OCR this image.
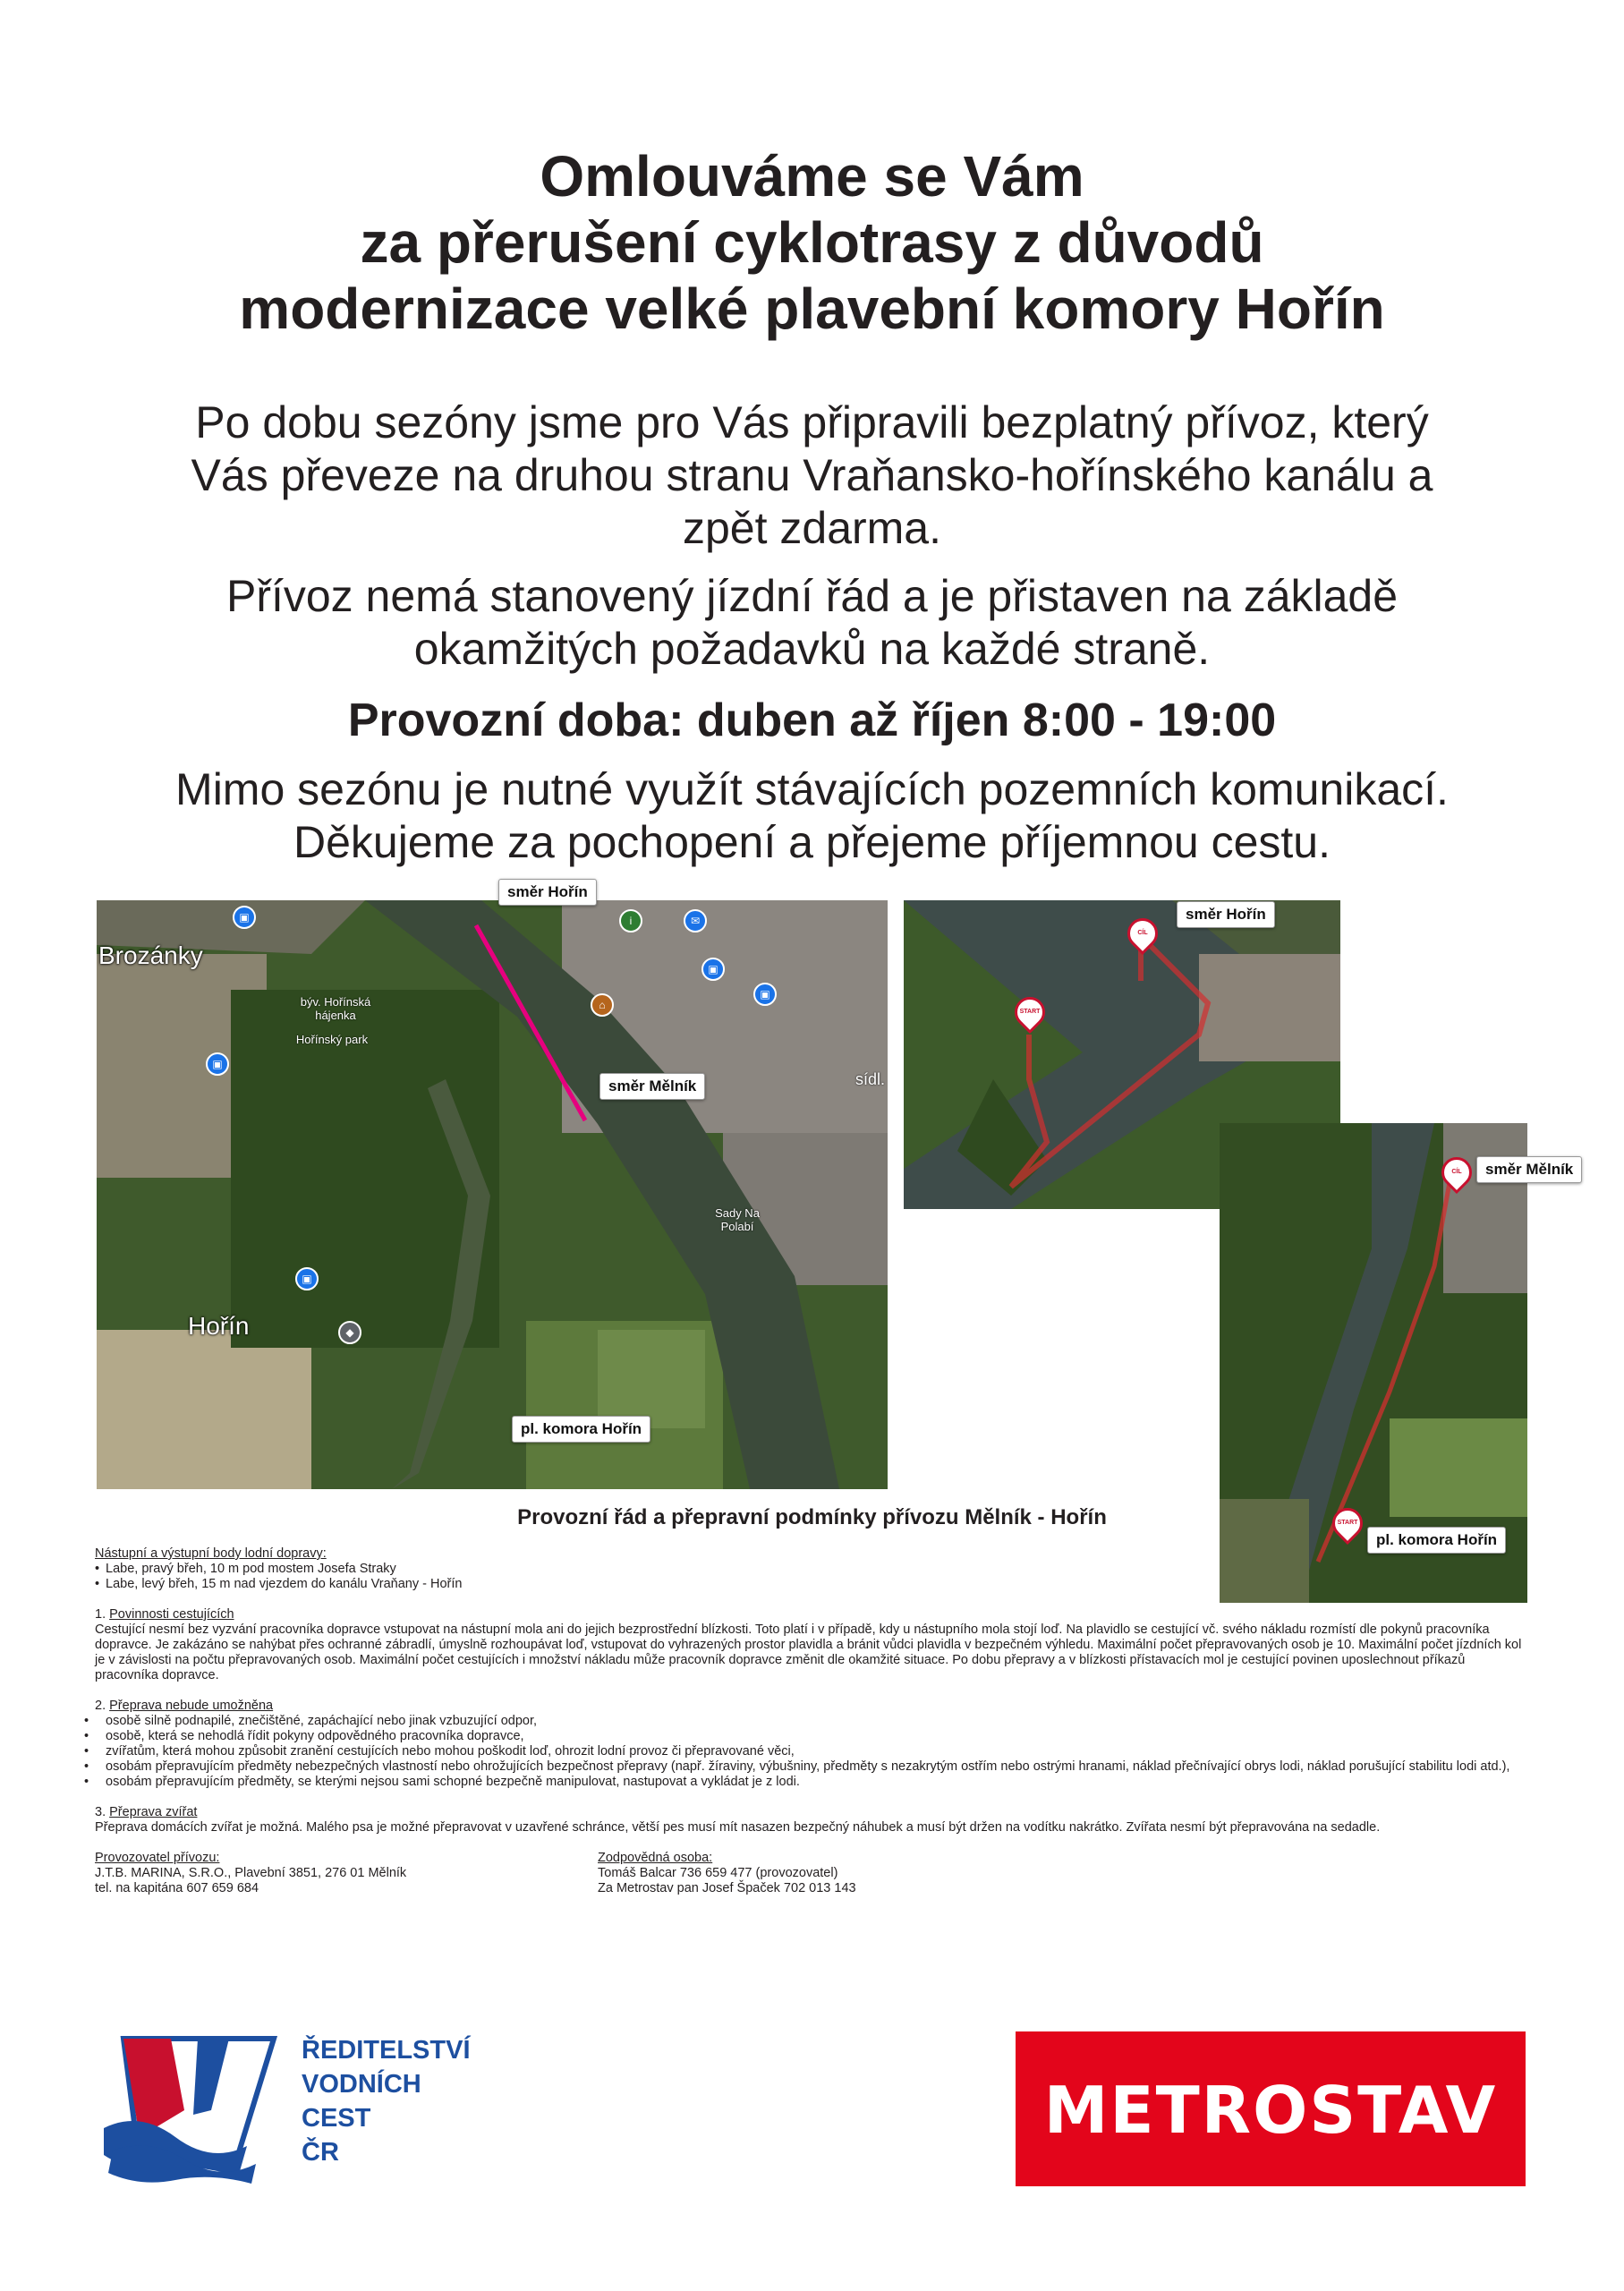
Omlouváme se Vám
za přerušení cyklotrasy z důvodů
modernizace velké plavební komory Hořín
Po dobu sezóny jsme pro Vás připravili bezplatný přívoz, který
Vás převeze na druhou stranu Vraňansko-hořínského kanálu a
zpět zdarma.
Přívoz nemá stanovený jízdní řád a je přistaven na základě
okamžitých požadavků na každé straně.
Provozní doba: duben až říjen 8:00 - 19:00
Mimo sezónu je nutné využít stávajících pozemních komunikací.
Děkujeme za pochopení a přejeme příjemnou cestu.
Brozánky
Hořín
Hořínský park
býv. Hořínská hájenka
Sady Na Polabí
sídl.
▣
▣
▣
▣
▣
◆
i	✉
⌂
směr Hořín
směr Mělník
pl. komora Hořín
START
CÍL
směr Hořín
CÍL
START
směr Mělník
pl. komora Hořín
Provozní řád a přepravní podmínky přívozu Mělník - Hořín
Nástupní a výstupní body lodní dopravy:
• Labe, pravý břeh, 10 m pod mostem Josefa Straky
• Labe, levý břeh, 15 m nad vjezdem do kanálu Vraňany - Hořín
1. Povinnosti cestujících
Cestující nesmí bez vyzvání pracovníka dopravce vstupovat na nástupní mola ani do jejich bezprostřední blízkosti. Toto platí i v případě, kdy u nástupního mola stojí loď. Na plavidlo se cestující vč. svého nákladu rozmístí dle pokynů pracovníka dopravce. Je zakázáno se nahýbat přes ochranné zábradlí, úmyslně rozhoupávat loď, vstupovat do vyhrazených prostor plavidla a bránit vůdci plavidla v bezpečném výhledu. Maximální počet přepravovaných osob je 10. Maximální počet jízdních kol je v závislosti na počtu přepravovaných osob. Maximální počet cestujících i množství nákladu může pracovník dopravce změnit dle okamžité situace. Po dobu přepravy a v blízkosti přístavacích mol je cestující povinen uposlechnout příkazů pracovníka dopravce.
2. Přeprava nebude umožněna
• osobě silně podnapilé, znečištěné, zapáchající nebo jinak vzbuzující odpor,
• osobě, která se nehodlá řídit pokyny odpovědného pracovníka dopravce,
• zvířatům, která mohou způsobit zranění cestujících nebo mohou poškodit loď, ohrozit lodní provoz či přepravované věci,
• osobám přepravujícím předměty nebezpečných vlastností nebo ohrožujících bezpečnost přepravy (např. žíraviny, výbušniny, předměty s nezakrytým ostřím nebo ostrými hranami, náklad přečnívající obrys lodi, náklad porušující stabilitu lodi atd.),
• osobám přepravujícím předměty, se kterými nejsou sami schopné bezpečně manipulovat, nastupovat a vykládat je z lodi.
3. Přeprava zvířat
Přeprava domácích zvířat je možná. Malého psa je možné přepravovat v uzavřené schránce, větší pes musí mít nasazen bezpečný náhubek a musí být držen na vodítku nakrátko. Zvířata nesmí být přepravována na sedadle.
Provozovatel přívozu:
J.T.B. MARINA, S.R.O., Plavební 3851, 276 01 Mělník
tel. na kapitána 607 659 684
Zodpovědná osoba:
Tomáš Balcar 736 659 477 (provozovatel)
Za Metrostav pan Josef Špaček 702 013 143
ŘEDITELSTVÍ
VODNÍCH
CEST
ČR
METROSTAV
